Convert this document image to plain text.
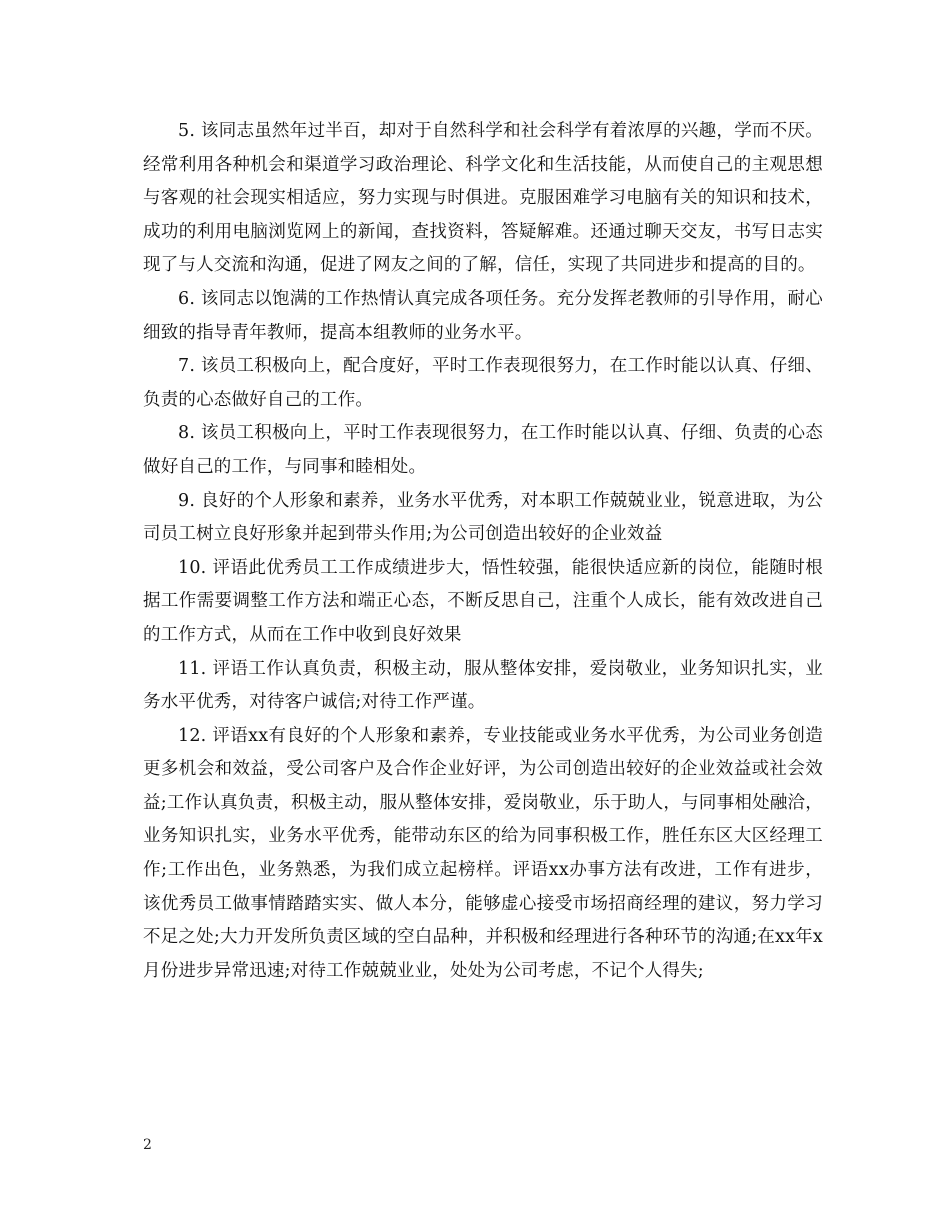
5. 该同志虽然年过半百，却对于自然科学和社会科学有着浓厚的兴趣，学而不厌。经常利用各种机会和渠道学习政治理论、科学文化和生活技能，从而使自己的主观思想与客观的社会现实相适应，努力实现与时俱进。克服困难学习电脑有关的知识和技术，成功的利用电脑浏览网上的新闻，查找资料，答疑解难。还通过聊天交友，书写日志实现了与人交流和沟通，促进了网友之间的了解，信任，实现了共同进步和提高的目的。

6. 该同志以饱满的工作热情认真完成各项任务。充分发挥老教师的引导作用，耐心细致的指导青年教师，提高本组教师的业务水平。

7. 该员工积极向上，配合度好，平时工作表现很努力，在工作时能以认真、仔细、负责的心态做好自己的工作。

8. 该员工积极向上，平时工作表现很努力，在工作时能以认真、仔细、负责的心态做好自己的工作，与同事和睦相处。

9. 良好的个人形象和素养，业务水平优秀，对本职工作兢兢业业，锐意进取，为公司员工树立良好形象并起到带头作用;为公司创造出较好的企业效益

10. 评语此优秀员工工作成绩进步大，悟性较强，能很快适应新的岗位，能随时根据工作需要调整工作方法和端正心态，不断反思自己，注重个人成长，能有效改进自己的工作方式，从而在工作中收到良好效果

11. 评语工作认真负责，积极主动，服从整体安排，爱岗敬业，业务知识扎实，业务水平优秀，对待客户诚信;对待工作严谨。

12. 评语xx有良好的个人形象和素养，专业技能或业务水平优秀，为公司业务创造更多机会和效益，受公司客户及合作企业好评，为公司创造出较好的企业效益或社会效益;工作认真负责，积极主动，服从整体安排，爱岗敬业，乐于助人，与同事相处融洽，业务知识扎实，业务水平优秀，能带动东区的给为同事积极工作，胜任东区大区经理工作;工作出色，业务熟悉，为我们成立起榜样。评语xx办事方法有改进，工作有进步，该优秀员工做事情踏踏实实、做人本分，能够虚心接受市场招商经理的建议，努力学习不足之处;大力开发所负责区域的空白品种，并积极和经理进行各种环节的沟通;在xx年x月份进步异常迅速;对待工作兢兢业业，处处为公司考虑，不记个人得失;

2
